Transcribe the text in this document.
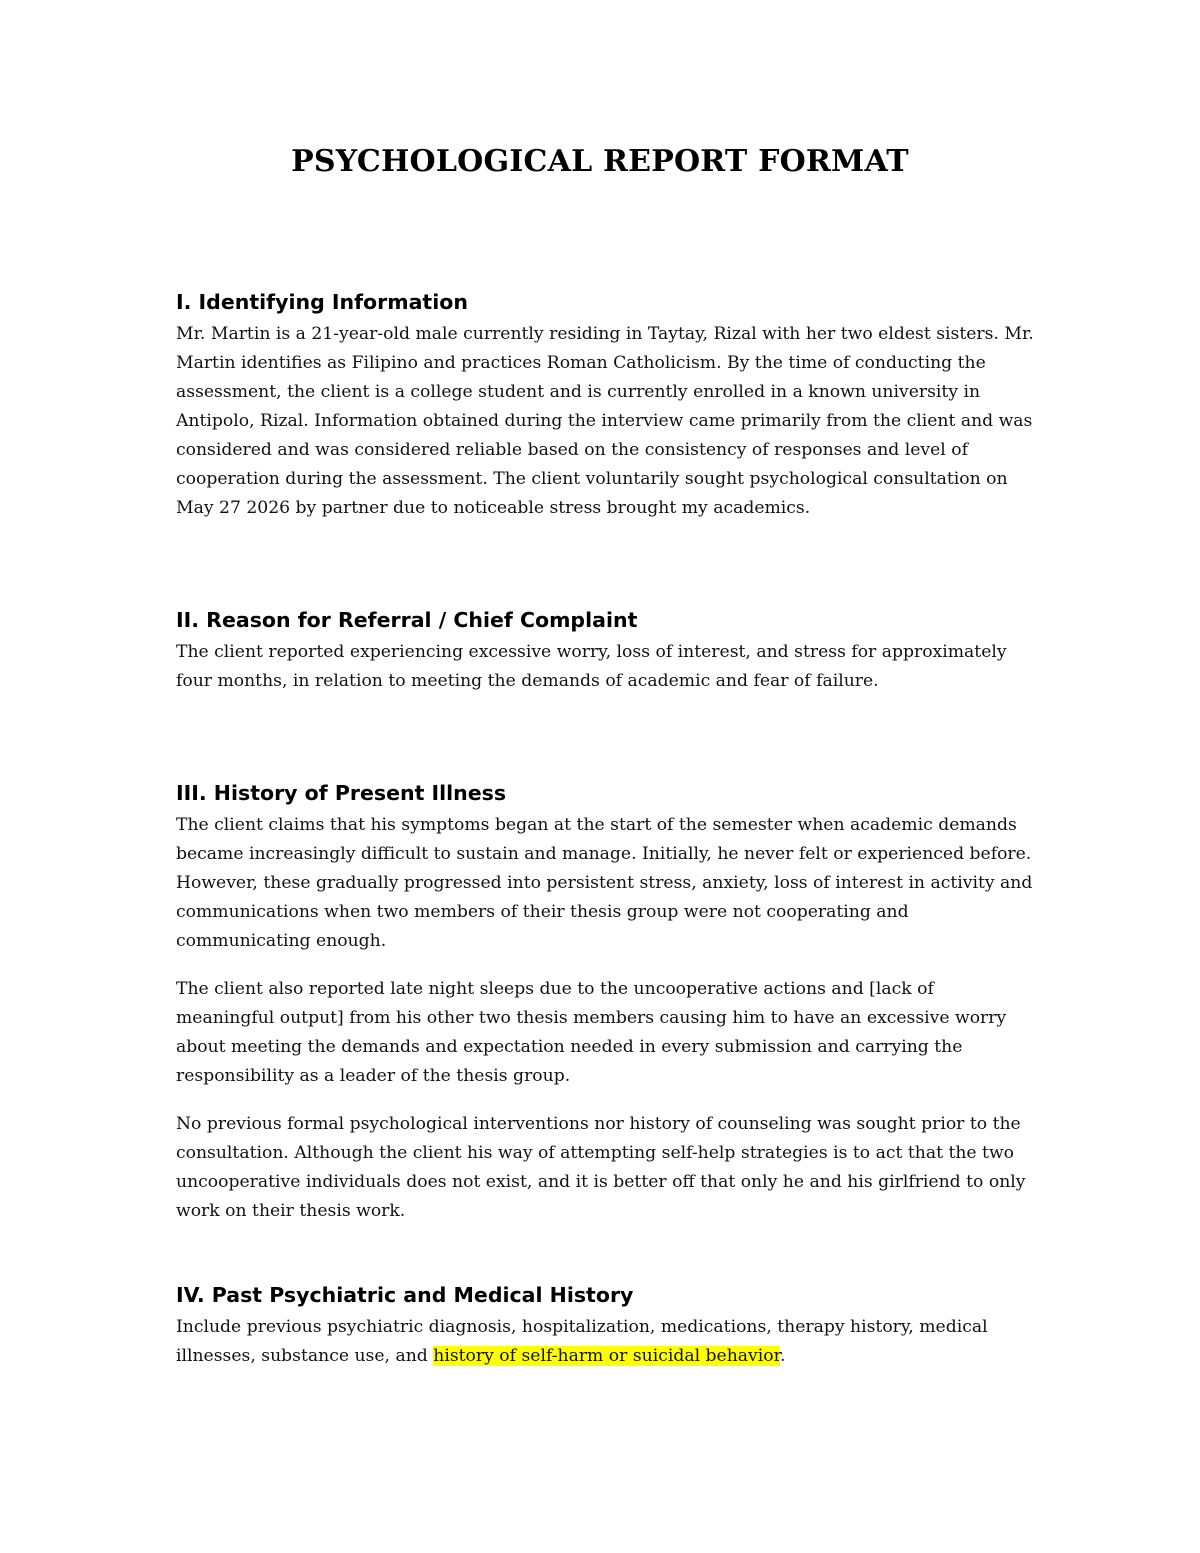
PSYCHOLOGICAL REPORT FORMAT
I. Identifying Information

Mr. Martin is a 21-year-old male currently residing in Taytay, Rizal with her two eldest sisters. Mr. Martin identifies as Filipino and practices Roman Catholicism. By the time of conducting the assessment, the client is a college student and is currently enrolled in a known university in Antipolo, Rizal. Information obtained during the interview came primarily from the client and was considered and was considered reliable based on the consistency of responses and level of cooperation during the assessment. The client voluntarily sought psychological consultation on May 27 2026 by partner due to noticeable stress brought my academics.

II. Reason for Referral / Chief Complaint

The client reported experiencing excessive worry, loss of interest, and stress for approximately four months, in relation to meeting the demands of academic and fear of failure.

III. History of Present Illness

The client claims that his symptoms began at the start of the semester when academic demands became increasingly difficult to sustain and manage. Initially, he never felt or experienced before. However, these gradually progressed into persistent stress, anxiety, loss of interest in activity and communications when two members of their thesis group were not cooperating and communicating enough.

The client also reported late night sleeps due to the uncooperative actions and [lack of meaningful output] from his other two thesis members causing him to have an excessive worry about meeting the demands and expectation needed in every submission and carrying the responsibility as a leader of the thesis group.

No previous formal psychological interventions nor history of counseling was sought prior to the consultation. Although the client his way of attempting self-help strategies is to act that the two uncooperative individuals does not exist, and it is better off that only he and his girlfriend to only work on their thesis work.

IV. Past Psychiatric and Medical History

Include previous psychiatric diagnosis, hospitalization, medications, therapy history, medical illnesses, substance use, and history of self-harm or suicidal behavior.
